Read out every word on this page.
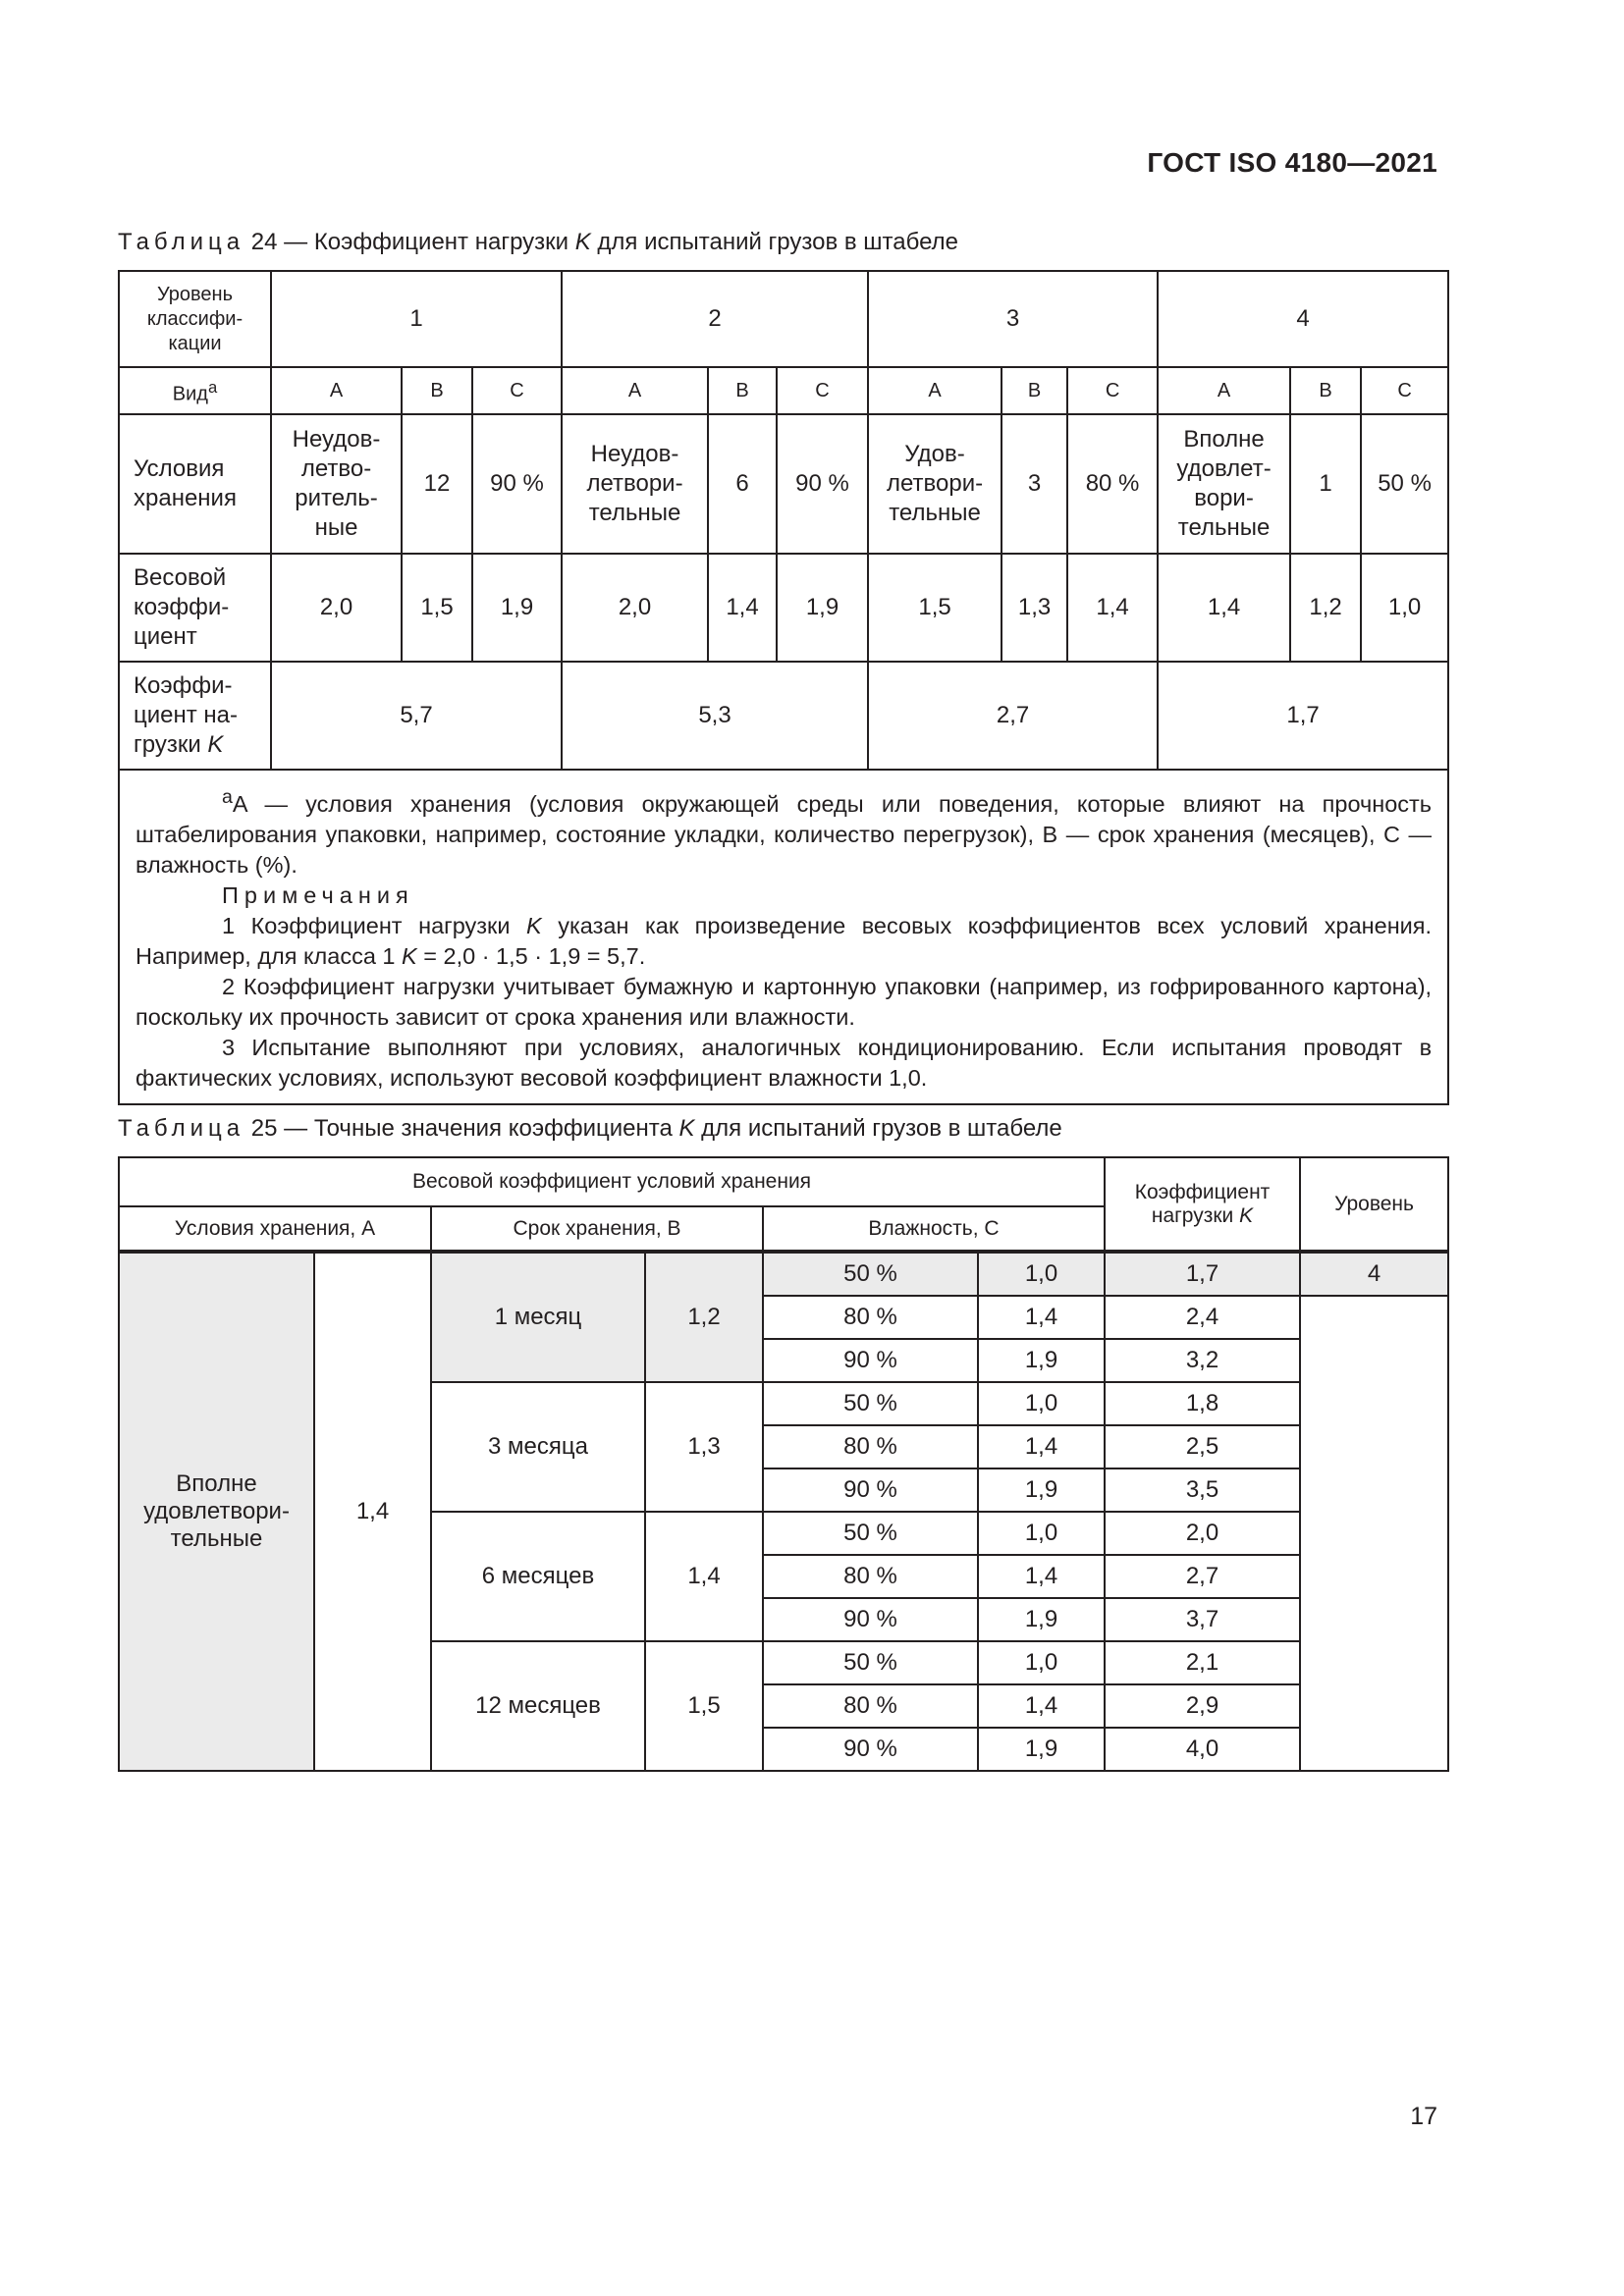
ГОСТ ISO 4180—2021
Таблица 24 — Коэффициент нагрузки K для испытаний грузов в штабеле
Уровень классифи- кации	1			2			3			4		
Вид$^a$	A	B	C	A	B	C	A	B	C	A	B	C
Условия хранения	Неудов- летво- ритель- ные	12	90 %	Неудов- летвори- тельные	6	90 %	Удов- летвори- тельные	3	80 %	Вполне удовлет- вори- тельные	1	50 %
Весовой коэффи- циент	2,0	1,5	1,9	2,0	1,4	1,9	1,5	1,3	1,4	1,4	1,2	1,0
Коэффи- циент на- грузки K	5,7			5,3			2,7			1,7		

$^a$A — условия хранения (условия окружающей среды или поведения, которые влияют на прочность штабелирования упаковки, например, состояние укладки, количество перегрузок), B — срок хранения (месяцев), C — влажность (%).

Примечания

1 Коэффициент нагрузки K указан как произведение весовых коэффициентов всех условий хранения. Например, для класса 1 K = 2,0 · 1,5 · 1,9 = 5,7.

2 Коэффициент нагрузки учитывает бумажную и картонную упаковки (например, из гофрированного картона), поскольку их прочность зависит от срока хранения или влажности.

3 Испытание выполняют при условиях, аналогичных кондиционированию. Если испытания проводят в фактических условиях, используют весовой коэффициент влажности 1,0.												

Таблица 25 — Точные значения коэффициента K для испытаний грузов в штабеле
Весовой коэффициент условий хранения						Коэффициент нагрузки K	Уровень
Условия хранения, A		Срок хранения, B		Влажность, C			
Вполне удовлетвори- тельные	1,4	1 месяц	1,2	50 %	1,0	1,7	4
				80 %	1,4	2,4	
				90 %	1,9	3,2	
		3 месяца	1,3	50 %	1,0	1,8	
				80 %	1,4	2,5	
				90 %	1,9	3,5	
		6 месяцев	1,4	50 %	1,0	2,0	
				80 %	1,4	2,7	
				90 %	1,9	3,7	
		12 месяцев	1,5	50 %	1,0	2,1	
				80 %	1,4	2,9	
				90 %	1,9	4,0	
17
